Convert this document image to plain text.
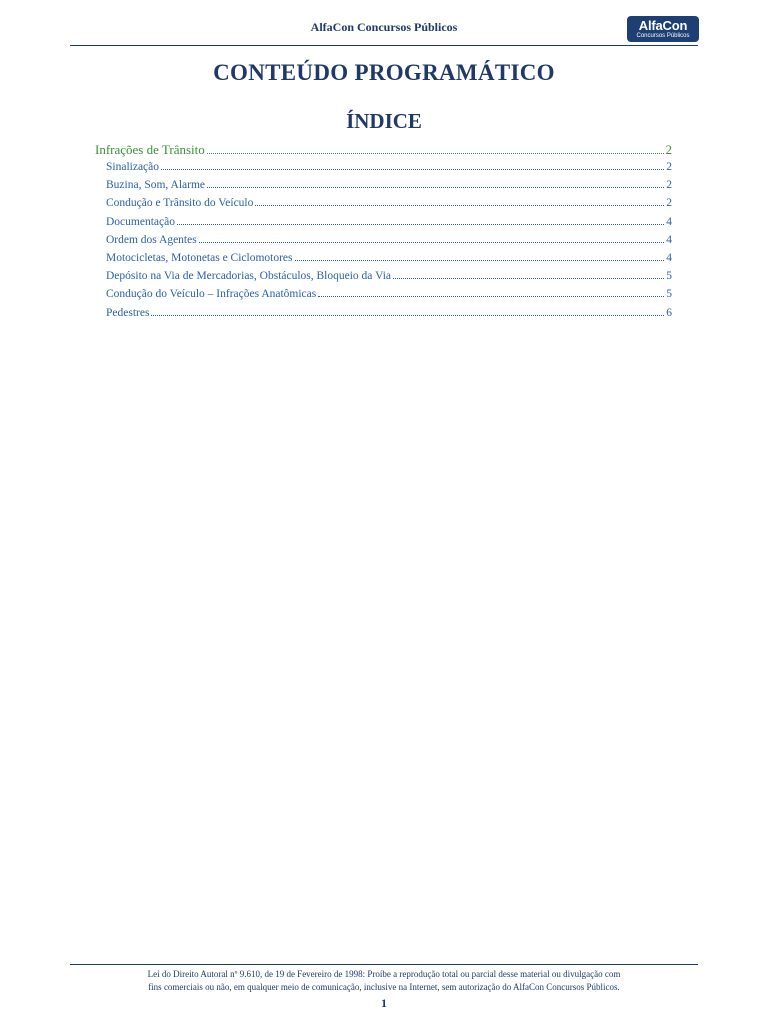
AlfaCon Concursos Públicos	AlfaCon
Concursos Públicos
CONTEÚDO PROGRAMÁTICO
ÍNDICE
Infrações de Trânsito	2
Sinalização	2
Buzina, Som, Alarme	2
Condução e Trânsito do Veículo	2
Documentação	4
Ordem dos Agentes	4
Motocicletas, Motonetas e Ciclomotores	4
Depósito na Via de Mercadorias, Obstáculos, Bloqueio da Via	5
Condução do Veículo – Infrações Anatômicas	5
Pedestres	6
Lei do Direito Autoral nº 9.610, de 19 de Fevereiro de 1998: Proíbe a reprodução total ou parcial desse material ou divulgação com
fins comerciais ou não, em qualquer meio de comunicação, inclusive na Internet, sem autorização do AlfaCon Concursos Públicos.
1
